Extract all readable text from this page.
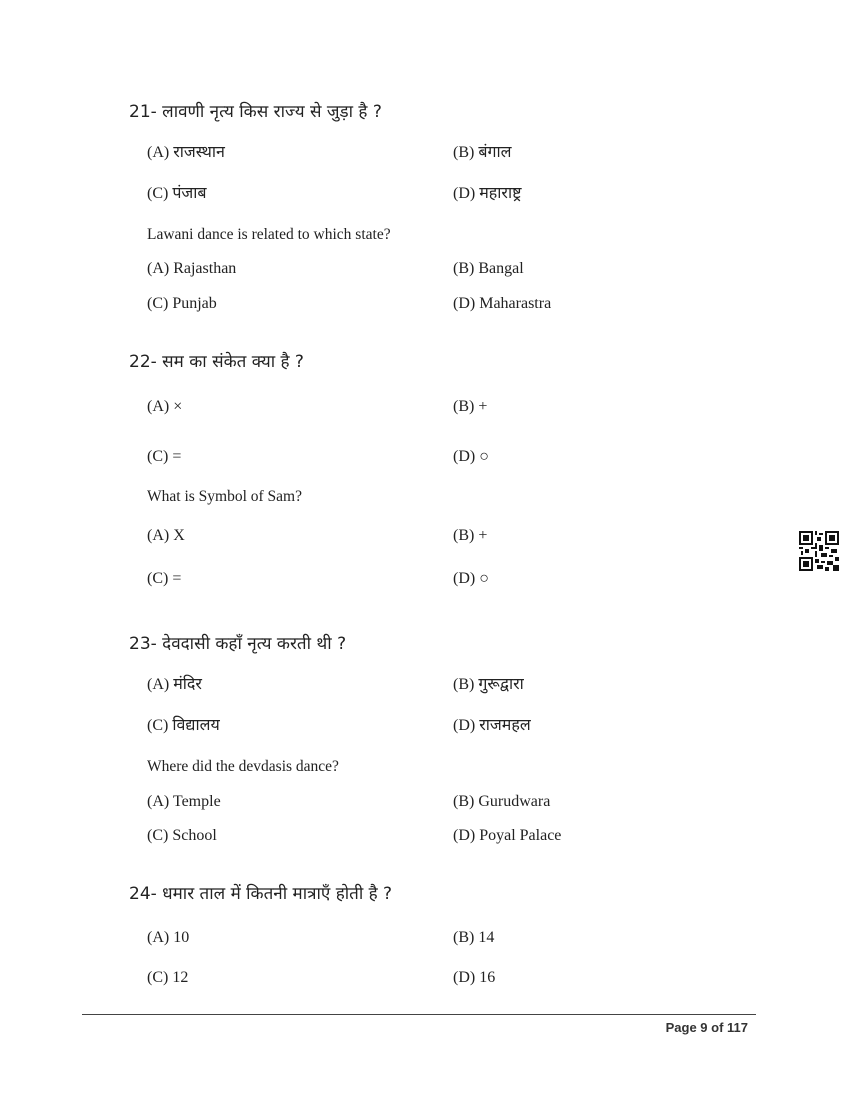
21- लावणी नृत्य किस राज्य से जुड़ा है ?
(A) राजस्थान	(B) बंगाल
(C) पंजाब	(D) महाराष्ट्र
Lawani dance is related to which state?
(A) Rajasthan	(B) Bangal
(C) Punjab	(D) Maharastra
22- सम का संकेत क्या है ?
(A) ×	(B) +
(C) =	(D) ○
What is Symbol of Sam?
(A) X	(B) +
(C) =	(D) ○
23- देवदासी कहाँ नृत्य करती थी ?
(A) मंदिर	(B) गुरूद्वारा
(C) विद्यालय	(D) राजमहल
Where did the devdasis dance?
(A) Temple	(B) Gurudwara
(C) School	(D) Poyal Palace
24- धमार ताल में कितनी मात्राएँ होती है ?
(A) 10	(B) 14
(C) 12	(D) 16
Page 9 of 117
